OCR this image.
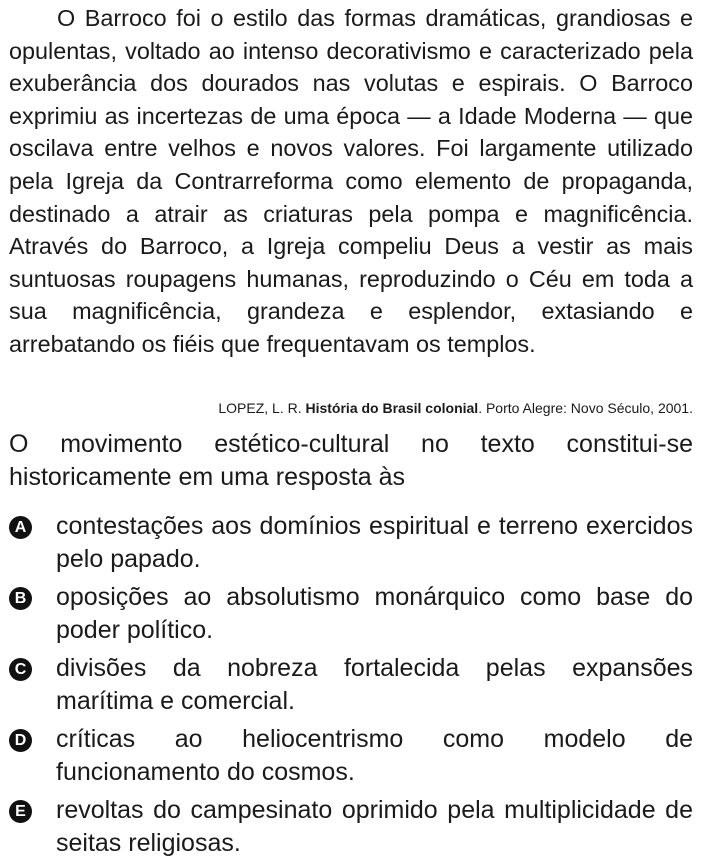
O Barroco foi o estilo das formas dramáticas, grandiosas e opulentas, voltado ao intenso decorativismo e caracterizado pela exuberância dos dourados nas volutas e espirais. O Barroco exprimiu as incertezas de uma época — a Idade Moderna — que oscilava entre velhos e novos valores. Foi largamente utilizado pela Igreja da Contrarreforma como elemento de propaganda, destinado a atrair as criaturas pela pompa e magnificência. Através do Barroco, a Igreja compeliu Deus a vestir as mais suntuosas roupagens humanas, reproduzindo o Céu em toda a sua magnificência, grandeza e esplendor, extasiando e arrebatando os fiéis que frequentavam os templos.

LOPEZ, L. R. História do Brasil colonial. Porto Alegre: Novo Século, 2001.

O movimento estético-cultural no texto constitui-se historicamente em uma resposta às

A contestações aos domínios espiritual e terreno exercidos pelo papado.
B oposições ao absolutismo monárquico como base do poder político.
C divisões da nobreza fortalecida pelas expansões marítima e comercial.
D críticas ao heliocentrismo como modelo de funcionamento do cosmos.
E revoltas do campesinato oprimido pela multiplicidade de seitas religiosas.
